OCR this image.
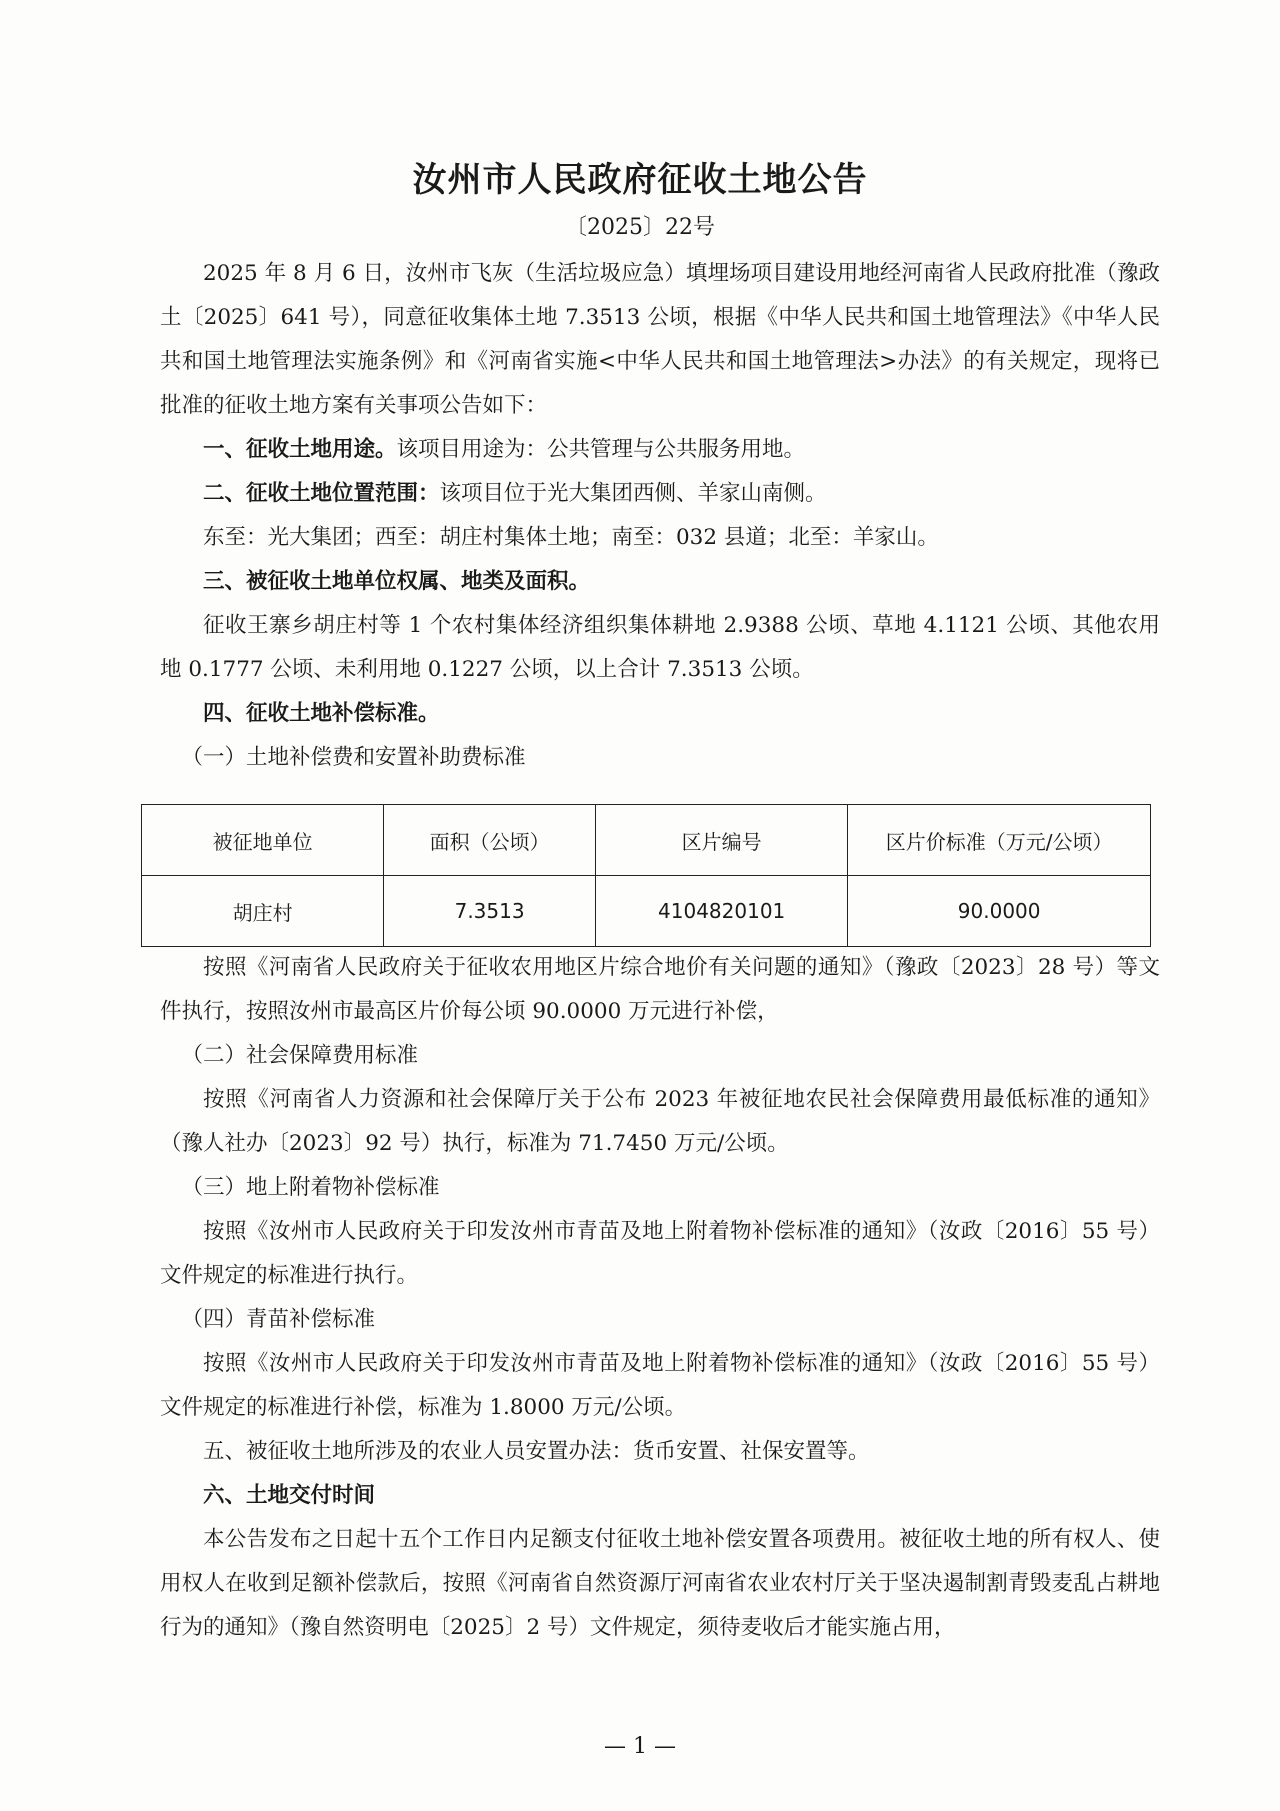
汝州市人民政府征收土地公告
〔2025〕22号

2025 年 8 月 6 日，汝州市飞灰（生活垃圾应急）填埋场项目建设用地经河南省人民政府批准（豫政土〔2025〕641 号），同意征收集体土地 7.3513 公顷，根据《中华人民共和国土地管理法》《中华人民共和国土地管理法实施条例》和《河南省实施<中华人民共和国土地管理法>办法》的有关规定，现将已批准的征收土地方案有关事项公告如下：

一、征收土地用途。该项目用途为：公共管理与公共服务用地。

二、征收土地位置范围：该项目位于光大集团西侧、羊家山南侧。

东至：光大集团；西至：胡庄村集体土地；南至：032 县道；北至：羊家山。

三、被征收土地单位权属、地类及面积。

征收王寨乡胡庄村等 1 个农村集体经济组织集体耕地 2.9388 公顷、草地 4.1121 公顷、其他农用地 0.1777 公顷、未利用地 0.1227 公顷，以上合计 7.3513 公顷。

四、征收土地补偿标准。

（一）土地补偿费和安置补助费标准

被征地单位	面积（公顷）	区片编号	区片价标准（万元/公顷）
胡庄村	7.3513	4104820101	90.0000

按照《河南省人民政府关于征收农用地区片综合地价有关问题的通知》（豫政〔2023〕28 号）等文件执行，按照汝州市最高区片价每公顷 90.0000 万元进行补偿，

（二）社会保障费用标准

按照《河南省人力资源和社会保障厅关于公布 2023 年被征地农民社会保障费用最低标准的通知》（豫人社办〔2023〕92 号）执行，标准为 71.7450 万元/公顷。

（三）地上附着物补偿标准

按照《汝州市人民政府关于印发汝州市青苗及地上附着物补偿标准的通知》（汝政〔2016〕55 号）文件规定的标准进行执行。

（四）青苗补偿标准

按照《汝州市人民政府关于印发汝州市青苗及地上附着物补偿标准的通知》（汝政〔2016〕55 号）文件规定的标准进行补偿，标准为 1.8000 万元/公顷。

五、被征收土地所涉及的农业人员安置办法：货币安置、社保安置等。

六、土地交付时间

本公告发布之日起十五个工作日内足额支付征收土地补偿安置各项费用。被征收土地的所有权人、使用权人在收到足额补偿款后，按照《河南省自然资源厅河南省农业农村厅关于坚决遏制割青毁麦乱占耕地行为的通知》（豫自然资明电〔2025〕2 号）文件规定，须待麦收后才能实施占用，

— 1 —
